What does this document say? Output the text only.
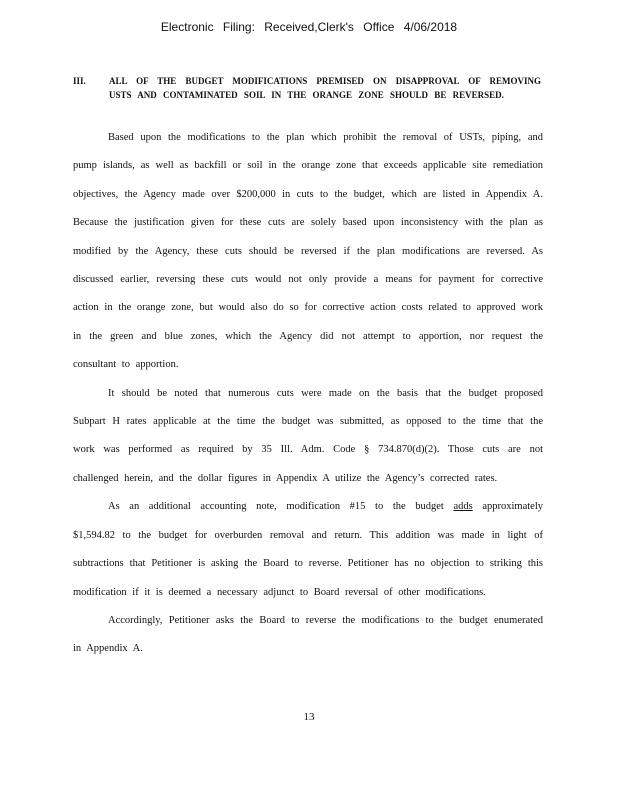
Electronic Filing: Received,Clerk's Office 4/06/2018
III.	ALL OF THE BUDGET MODIFICATIONS PREMISED ON DISAPPROVAL OF REMOVING USTS AND CONTAMINATED SOIL IN THE ORANGE ZONE SHOULD BE REVERSED.

Based upon the modifications to the plan which prohibit the removal of USTs, piping, and pump islands, as well as backfill or soil in the orange zone that exceeds applicable site remediation objectives, the Agency made over $200,000 in cuts to the budget, which are listed in Appendix A. Because the justification given for these cuts are solely based upon inconsistency with the plan as modified by the Agency, these cuts should be reversed if the plan modifications are reversed. As discussed earlier, reversing these cuts would not only provide a means for payment for corrective action in the orange zone, but would also do so for corrective action costs related to approved work in the green and blue zones, which the Agency did not attempt to apportion, nor request the consultant to apportion.

It should be noted that numerous cuts were made on the basis that the budget proposed Subpart H rates applicable at the time the budget was submitted, as opposed to the time that the work was performed as required by 35 Ill. Adm. Code § 734.870(d)(2). Those cuts are not challenged herein, and the dollar figures in Appendix A utilize the Agency’s corrected rates.

As an additional accounting note, modification #15 to the budget adds approximately $1,594.82 to the budget for overburden removal and return. This addition was made in light of subtractions that Petitioner is asking the Board to reverse. Petitioner has no objection to striking this modification if it is deemed a necessary adjunct to Board reversal of other modifications.

Accordingly, Petitioner asks the Board to reverse the modifications to the budget enumerated in Appendix A.

13
